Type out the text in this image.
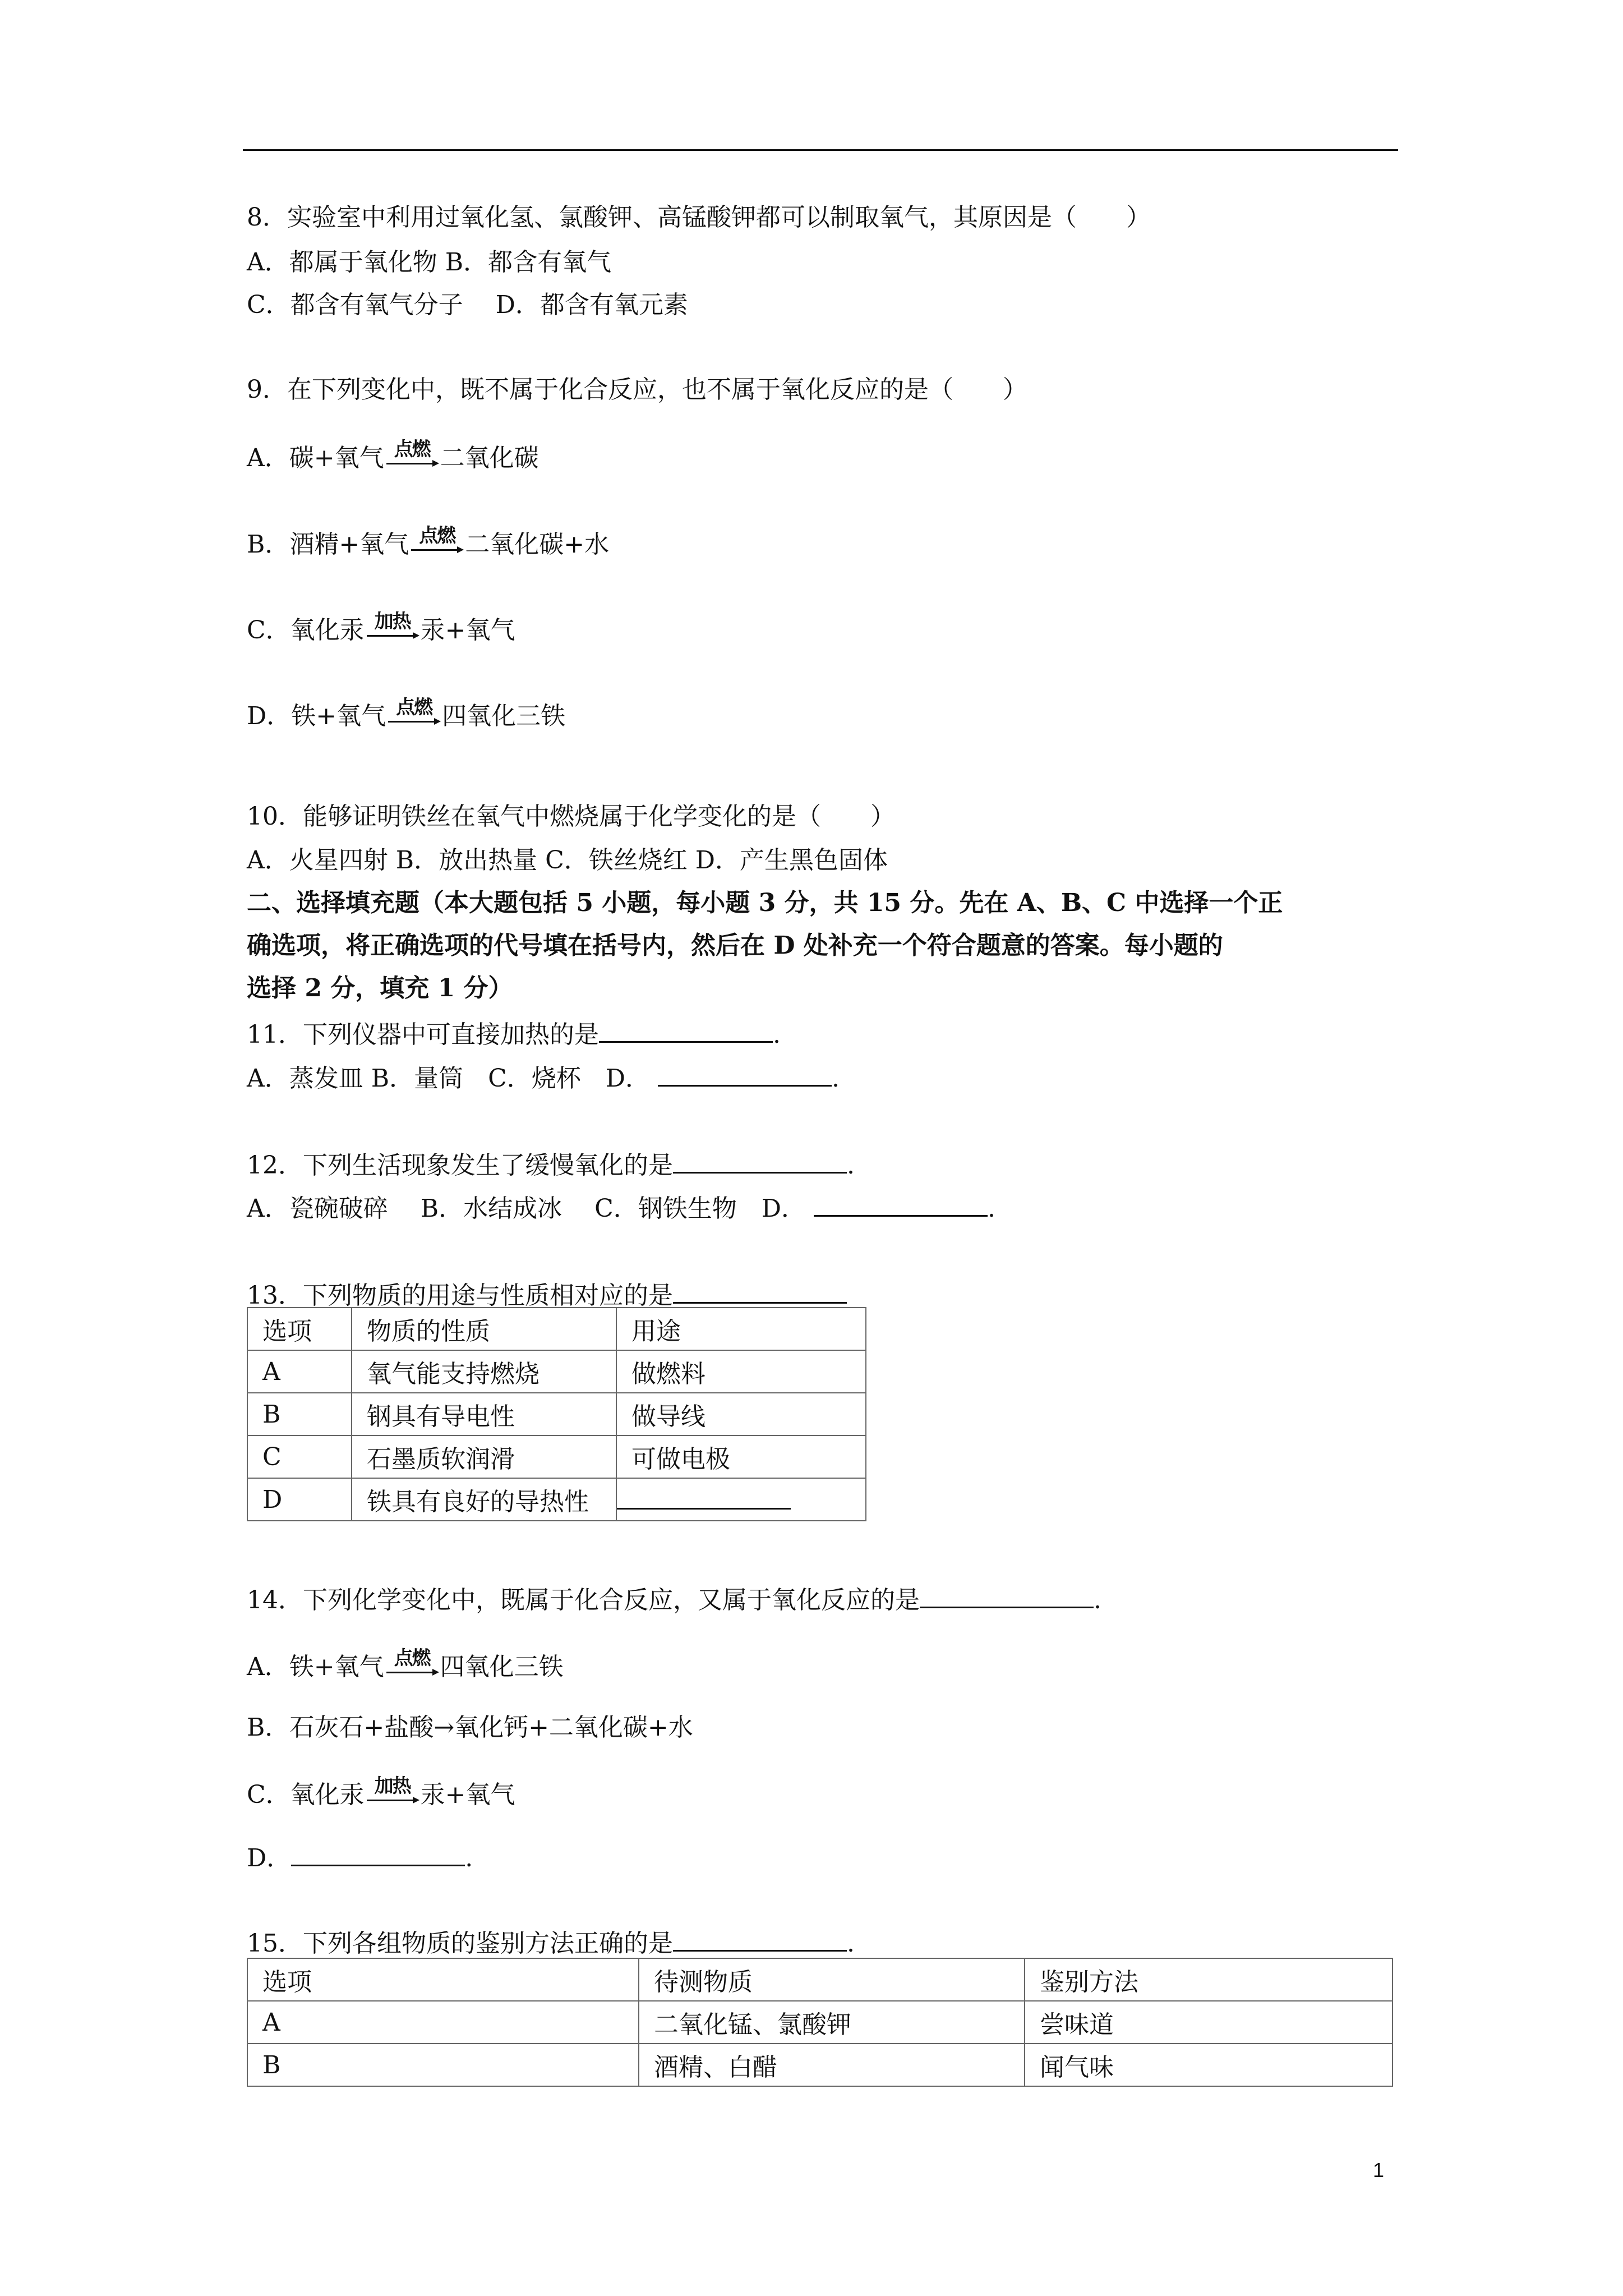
8．实验室中利用过氧化氢、氯酸钾、高锰酸钾都可以制取氧气，其原因是（　　）
A．都属于氧化物 B．都含有氧气
C．都含有氧气分子　 D．都含有氧元素
9．在下列变化中，既不属于化合反应，也不属于氧化反应的是（　　）
A．碳+氧气 点燃 二氧化碳
B．酒精+氧气 点燃 二氧化碳+水
C．氧化汞 加热 汞+氧气
D．铁+氧气 点燃 四氧化三铁
10．能够证明铁丝在氧气中燃烧属于化学变化的是（　　）
A．火星四射 B．放出热量 C．铁丝烧红 D．产生黑色固体
二、选择填充题（本大题包括 5 小题，每小题 3 分，共 15 分。先在 A、B、C 中选择一个正
确选项，将正确选项的代号填在括号内，然后在 D 处补充一个符合题意的答案。每小题的
选择 2 分，填充 1 分）
11．下列仪器中可直接加热的是	.
A．蒸发皿 B．量筒　C．烧杯　D．	.
12．下列生活现象发生了缓慢氧化的是	.
A．瓷碗破碎　 B．水结成冰　 C．钢铁生物　D．	.
13．下列物质的用途与性质相对应的是
选项	物质的性质	用途
A	氧气能支持燃烧	做燃料
B	钢具有导电性	做导线
C	石墨质软润滑	可做电极
D	铁具有良好的导热性	
14．下列化学变化中，既属于化合反应，又属于氧化反应的是	.
A．铁+氧气 点燃 四氧化三铁
B．石灰石+盐酸→氧化钙+二氧化碳+水
C．氧化汞 加热 汞+氧气
D．	.
15．下列各组物质的鉴别方法正确的是	.
选项	待测物质	鉴别方法
A	二氧化锰、氯酸钾	尝味道
B	酒精、白醋	闻气味
1
